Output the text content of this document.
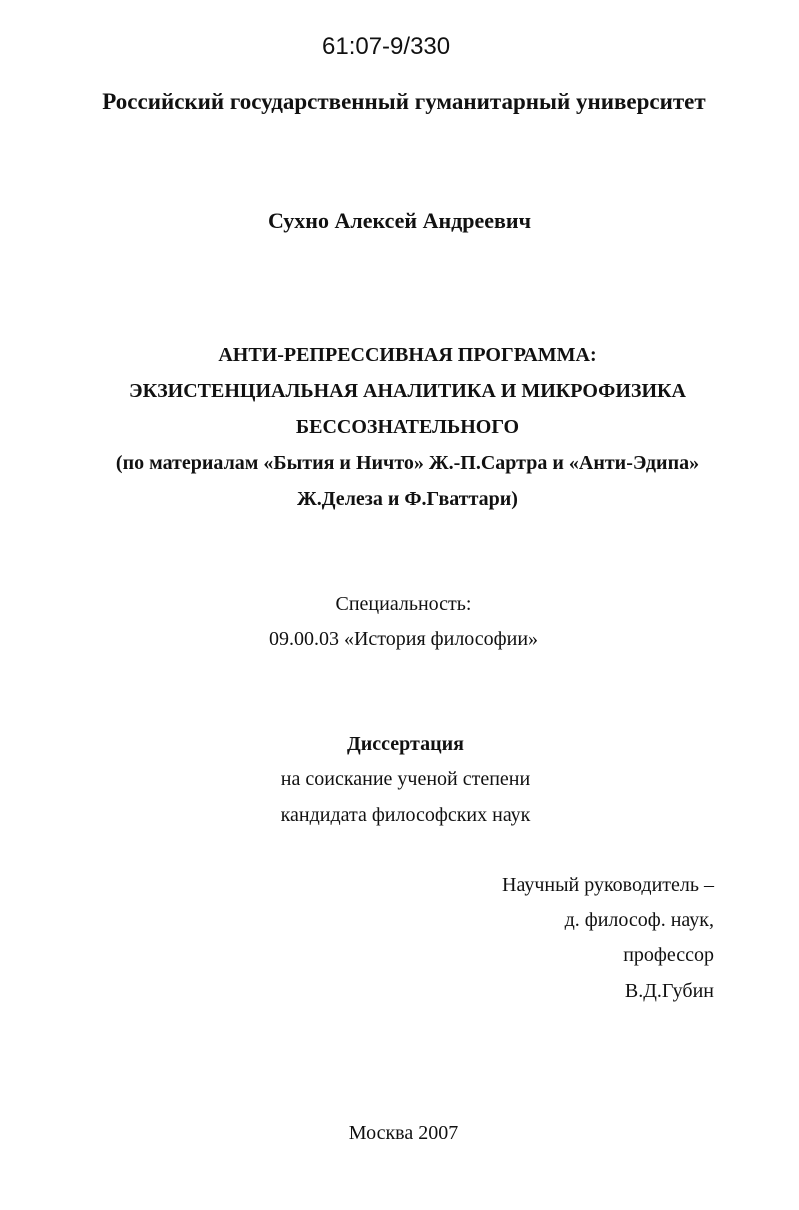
61:07-9/330
Российский государственный гуманитарный университет
Сухно Алексей Андреевич
АНТИ-РЕПРЕССИВНАЯ ПРОГРАММА:
ЭКЗИСТЕНЦИАЛЬНАЯ АНАЛИТИКА И МИКРОФИЗИКА
БЕССОЗНАТЕЛЬНОГО
(по материалам «Бытия и Ничто» Ж.-П.Сартра и «Анти-Эдипа»
Ж.Делеза и Ф.Гваттари)
Специальность:
09.00.03 «История философии»
Диссертация
на соискание ученой степени
кандидата философских наук
Научный руководитель –
д. философ. наук,
профессор
В.Д.Губин
Москва 2007
